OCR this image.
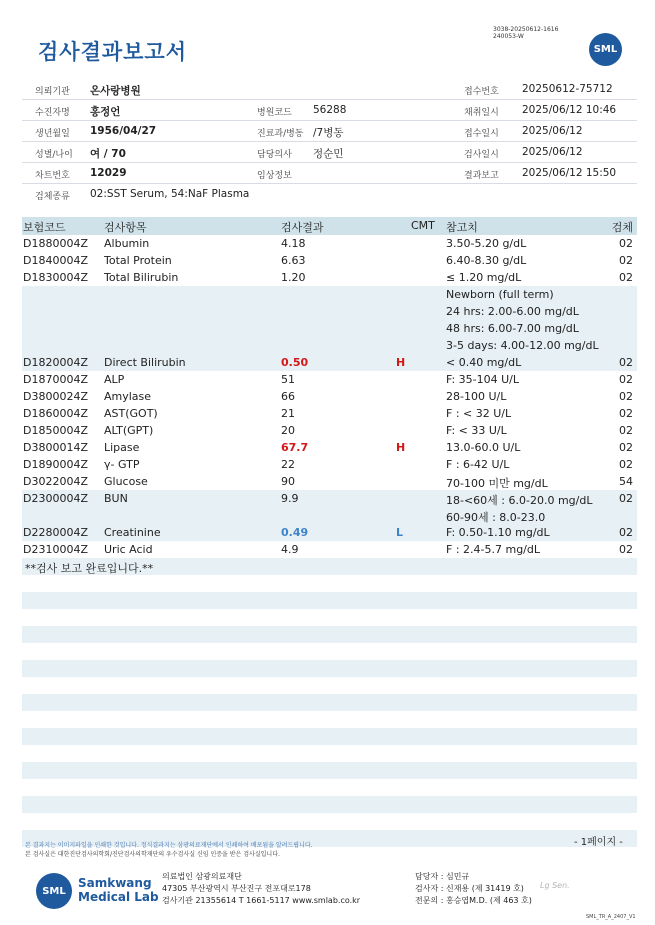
검사결과보고서
3038-20250612-1616
240053-W
SML
의뢰기관 온사랑병원	접수번호 20250612-75712
수진자명 홍정언	병원코드 56288	채취일시 2025/06/12 10:46
생년월일 1956/04/27	진료과/병동 /7병동	접수일시 2025/06/12
성별/나이 여 / 70	담당의사 정순민	검사일시 2025/06/12
차트번호 12029	임상정보	결과보고 2025/06/12 15:50
검체종류 02:SST Serum, 54:NaF Plasma
보험코드	검사항목	검사결과	CMT 참고치	검체
D1880004Z Albumin	4.18	3.50-5.20 g/dL	02
D1840004Z Total Protein	6.63	6.40-8.30 g/dL	02
D1830004Z Total Bilirubin	1.20	≤ 1.20 mg/dL	02
Newborn (full term)
24 hrs: 2.00-6.00 mg/dL
48 hrs: 6.00-7.00 mg/dL
3-5 days: 4.00-12.00 mg/dL
D1820004Z Direct Bilirubin	0.50	H	< 0.40 mg/dL	02
D1870004Z ALP	51	F: 35-104 U/L	02
D3800024Z Amylase	66	28-100 U/L	02
D1860004Z AST(GOT)	21	F : < 32 U/L	02
D1850004Z ALT(GPT)	20	F: < 33 U/L	02
D3800014Z Lipase	67.7	H	13.0-60.0 U/L	02
D1890004Z γ- GTP	22	F : 6-42 U/L	02
D3022004Z Glucose	90	70-100 미만 mg/dL	54
D2300004Z BUN	9.9	18-<60세 : 6.0-20.0 mg/dL 02
60-90세 : 8.0-23.0
D2280004Z Creatinine	0.49	L	F: 0.50-1.10 mg/dL	02
D2310004Z Uric Acid	4.9	F : 2.4-5.7 mg/dL	02
**검사 보고 완료입니다.**
본 결과지는 이미지파일을 인쇄한 것입니다. 정식결과지는 삼광의료재단에서 인쇄하여 배포됨을 알려드립니다.
본 검사실은 대한진단검사의학회/진단검사의학재단의 우수검사실 신임 인증을 받은 검사실입니다.
- 1페이지 -
SML
Samkwang
Medical Lab
의료법인 삼광의료재단
47305 부산광역시 부산진구 전포대로178
검사기관 21355614 T 1661-5117 www.smlab.co.kr
담당자 : 심민규
검사자 : 신재용 (제 31419 호)
전문의 : 홍승엽M.D. (제 463 호)
Lg Sen.
SML_TR_A_2407_V1
